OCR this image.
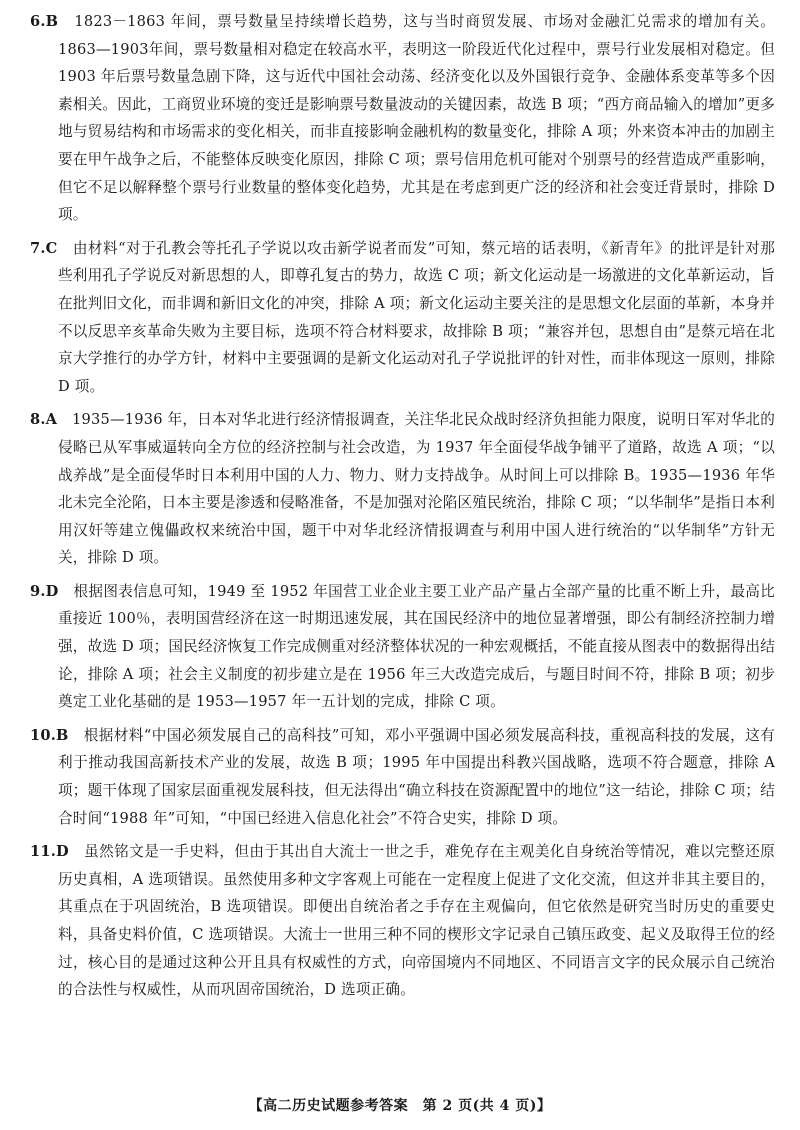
6.B　 1823－1863 年间，票号数量呈持续增长趋势，这与当时商贸发展、市场对金融汇兑需求的增加有关。1863—1903年间，票号数量相对稳定在较高水平，表明这一阶段近代化过程中，票号行业发展相对稳定。但1903 年后票号数量急剧下降，这与近代中国社会动荡、经济变化以及外国银行竞争、金融体系变革等多个因素相关。因此，工商贸业环境的变迁是影响票号数量波动的关键因素，故选 B 项；“西方商品输入的增加”更多地与贸易结构和市场需求的变化相关，而非直接影响金融机构的数量变化，排除 A 项；外来资本冲击的加剧主要在甲午战争之后，不能整体反映变化原因，排除 C 项；票号信用危机可能对个别票号的经营造成严重影响，但它不足以解释整个票号行业数量的整体变化趋势，尤其是在考虑到更广泛的经济和社会变迁背景时，排除 D 项。

7.C　 由材料“对于孔教会等托孔子学说以攻击新学说者而发”可知，蔡元培的话表明，《新青年》的批评是针对那些利用孔子学说反对新思想的人，即尊孔复古的势力，故选 C 项；新文化运动是一场激进的文化革新运动，旨在批判旧文化，而非调和新旧文化的冲突，排除 A 项；新文化运动主要关注的是思想文化层面的革新，本身并不以反思辛亥革命失败为主要目标，选项不符合材料要求，故排除 B 项；“兼容并包，思想自由”是蔡元培在北京大学推行的办学方针，材料中主要强调的是新文化运动对孔子学说批评的针对性，而非体现这一原则，排除 D 项。

8.A　 1935—1936 年，日本对华北进行经济情报调查，关注华北民众战时经济负担能力限度，说明日军对华北的侵略已从军事威逼转向全方位的经济控制与社会改造，为 1937 年全面侵华战争铺平了道路，故选 A 项；“以战养战”是全面侵华时日本利用中国的人力、物力、财力支持战争。从时间上可以排除 B。1935—1936 年华北未完全沦陷，日本主要是渗透和侵略准备，不是加强对沦陷区殖民统治，排除 C 项；“以华制华”是指日本利用汉奸等建立傀儡政权来统治中国，题干中对华北经济情报调查与利用中国人进行统治的“以华制华”方针无关，排除 D 项。

9.D　 根据图表信息可知，1949 至 1952 年国营工业企业主要工业产品产量占全部产量的比重不断上升，最高比重接近 100％，表明国营经济在这一时期迅速发展，其在国民经济中的地位显著增强，即公有制经济控制力增强，故选 D 项；国民经济恢复工作完成侧重对经济整体状况的一种宏观概括，不能直接从图表中的数据得出结论，排除 A 项；社会主义制度的初步建立是在 1956 年三大改造完成后，与题目时间不符，排除 B 项；初步奠定工业化基础的是 1953—1957 年一五计划的完成，排除 C 项。

10.B　 根据材料“中国必须发展自己的高科技”可知，邓小平强调中国必须发展高科技，重视高科技的发展，这有利于推动我国高新技术产业的发展，故选 B 项；1995 年中国提出科教兴国战略，选项不符合题意，排除 A 项；题干体现了国家层面重视发展科技，但无法得出“确立科技在资源配置中的地位”这一结论，排除 C 项；结合时间“1988 年”可知，“中国已经进入信息化社会”不符合史实，排除 D 项。

11.D　 虽然铭文是一手史料，但由于其出自大流士一世之手，难免存在主观美化自身统治等情况，难以完整还原历史真相，A 选项错误。虽然使用多种文字客观上可能在一定程度上促进了文化交流，但这并非其主要目的，其重点在于巩固统治，B 选项错误。即便出自统治者之手存在主观偏向，但它依然是研究当时历史的重要史料，具备史料价值，C 选项错误。大流士一世用三种不同的楔形文字记录自己镇压政变、起义及取得王位的经过，核心目的是通过这种公开且具有权威性的方式，向帝国境内不同地区、不同语言文字的民众展示自己统治的合法性与权威性，从而巩固帝国统治，D 选项正确。

【高二历史试题参考答案　第 2 页(共 4 页)】
